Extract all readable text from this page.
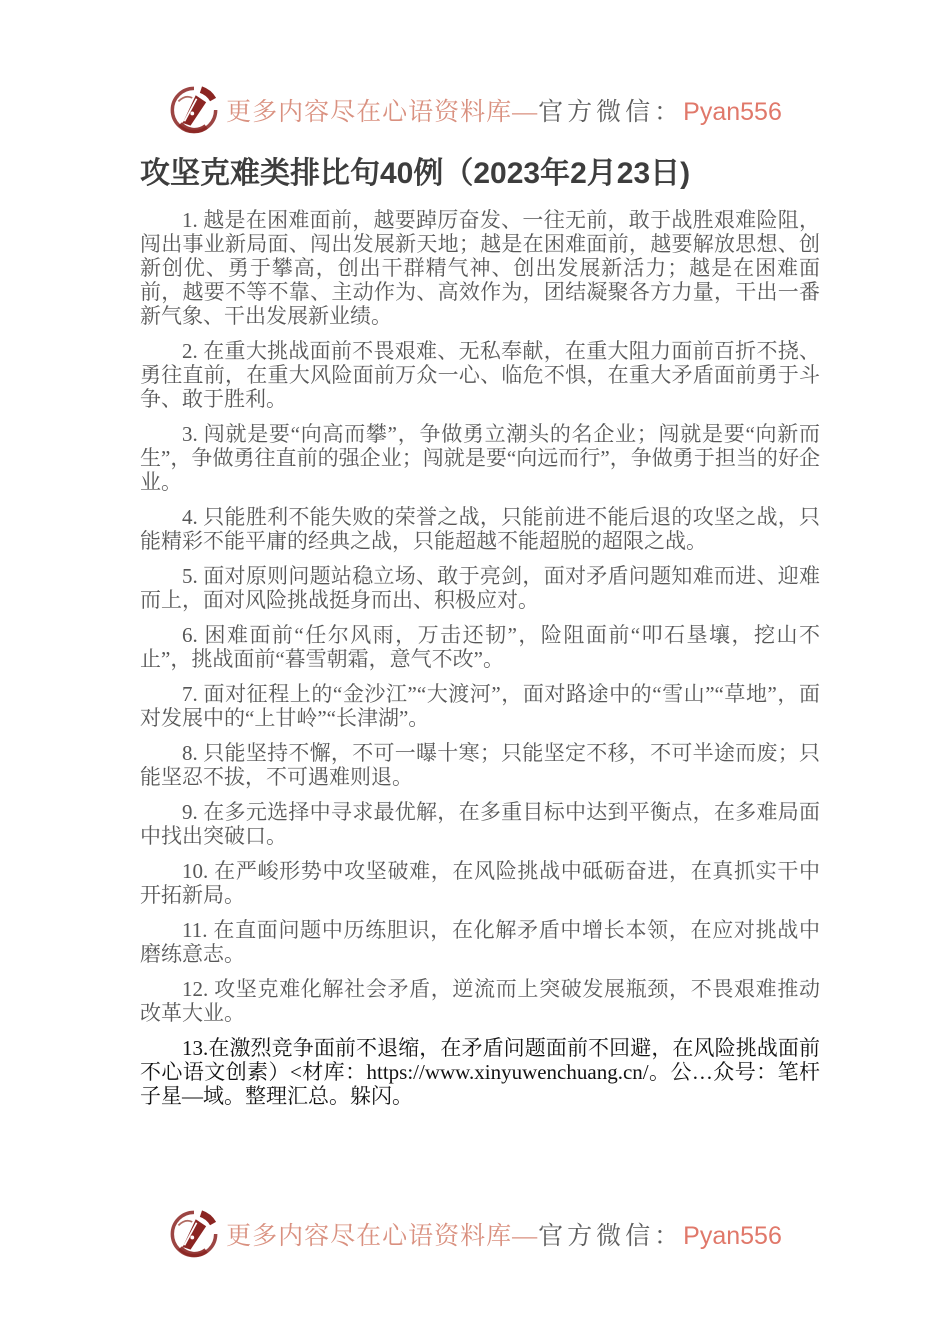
更多内容尽在心语资料库—官方微信：Pyan556
攻坚克难类排比句40例（2023年2月23日)

1. 越是在困难面前，越要踔厉奋发、一往无前，敢于战胜艰难险阻，闯出事业新局面、闯出发展新天地；越是在困难面前，越要解放思想、创新创优、勇于攀高，创出干群精气神、创出发展新活力；越是在困难面前，越要不等不靠、主动作为、高效作为，团结凝聚各方力量，干出一番新气象、干出发展新业绩。

2. 在重大挑战面前不畏艰难、无私奉献，在重大阻力面前百折不挠、勇往直前，在重大风险面前万众一心、临危不惧，在重大矛盾面前勇于斗争、敢于胜利。

3. 闯就是要“向高而攀”，争做勇立潮头的名企业；闯就是要“向新而生”，争做勇往直前的强企业；闯就是要“向远而行”，争做勇于担当的好企业。

4. 只能胜利不能失败的荣誉之战，只能前进不能后退的攻坚之战，只能精彩不能平庸的经典之战，只能超越不能超脱的超限之战。

5. 面对原则问题站稳立场、敢于亮剑，面对矛盾问题知难而进、迎难而上，面对风险挑战挺身而出、积极应对。

6. 困难面前“任尔风雨，万击还韧”，险阻面前“叩石垦壤，挖山不止”，挑战面前“暮雪朝霜，意气不改”。

7. 面对征程上的“金沙江”“大渡河”，面对路途中的“雪山”“草地”，面对发展中的“上甘岭”“长津湖”。

8. 只能坚持不懈，不可一曝十寒；只能坚定不移，不可半途而废；只能坚忍不拔，不可遇难则退。

9. 在多元选择中寻求最优解，在多重目标中达到平衡点，在多难局面中找出突破口。

10. 在严峻形势中攻坚破难，在风险挑战中砥砺奋进，在真抓实干中开拓新局。

11. 在直面问题中历练胆识，在化解矛盾中增长本领，在应对挑战中磨练意志。

12. 攻坚克难化解社会矛盾，逆流而上突破发展瓶颈，不畏艰难推动改革大业。

13.在激烈竞争面前不退缩，在矛盾问题面前不回避，在风险挑战面前不心语文创素）<材库：https://www.xinyuwenchuang.cn/。公…众号：笔杆子星—域。整理汇总。躲闪。

更多内容尽在心语资料库—官方微信：Pyan556
